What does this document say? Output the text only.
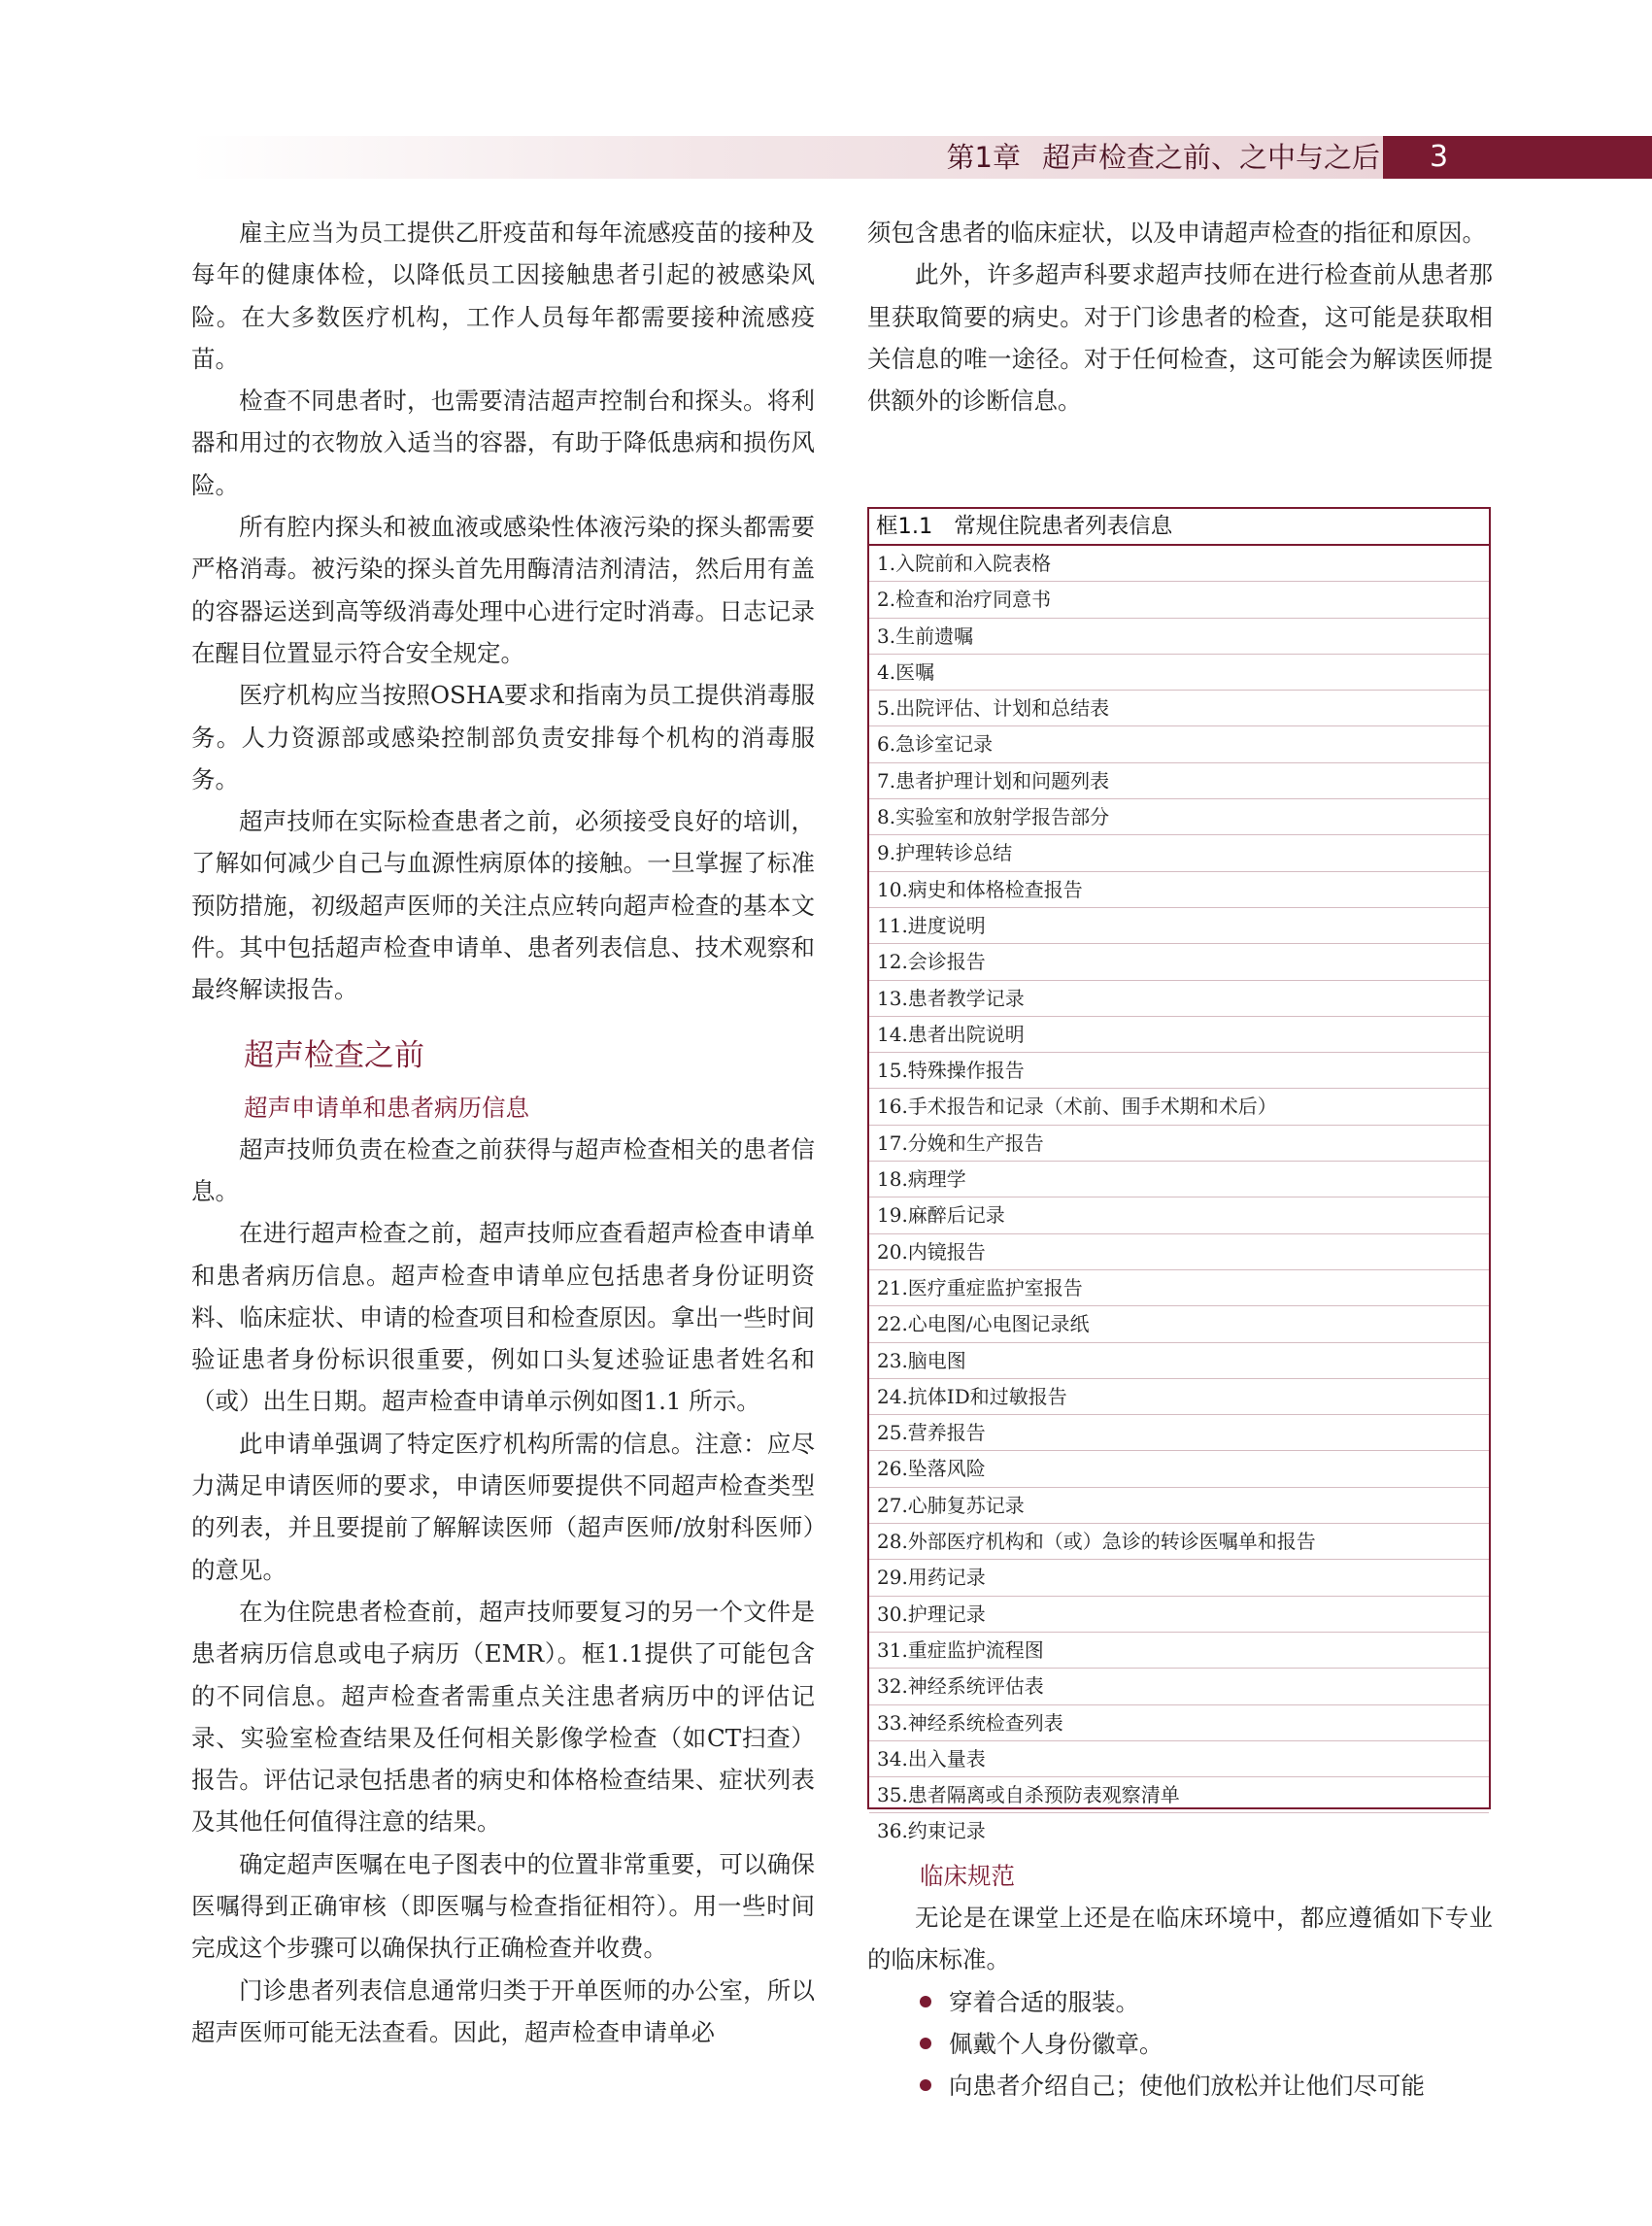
第1章 超声检查之前、之中与之后	3

雇主应当为员工提供乙肝疫苗和每年流感疫苗的接种及每年的健康体检，以降低员工因接触患者引起的被感染风险。在大多数医疗机构，工作人员每年都需要接种流感疫苗。

检查不同患者时，也需要清洁超声控制台和探头。将利器和用过的衣物放入适当的容器，有助于降低患病和损伤风险。

所有腔内探头和被血液或感染性体液污染的探头都需要严格消毒。被污染的探头首先用酶清洁剂清洁，然后用有盖的容器运送到高等级消毒处理中心进行定时消毒。日志记录在醒目位置显示符合安全规定。

医疗机构应当按照OSHA要求和指南为员工提供消毒服务。人力资源部或感染控制部负责安排每个机构的消毒服务。

超声技师在实际检查患者之前，必须接受良好的培训，了解如何减少自己与血源性病原体的接触。一旦掌握了标准预防措施，初级超声医师的关注点应转向超声检查的基本文件。其中包括超声检查申请单、患者列表信息、技术观察和最终解读报告。

超声检查之前
超声申请单和患者病历信息

超声技师负责在检查之前获得与超声检查相关的患者信息。

在进行超声检查之前，超声技师应查看超声检查申请单和患者病历信息。超声检查申请单应包括患者身份证明资料、临床症状、申请的检查项目和检查原因。拿出一些时间验证患者身份标识很重要，例如口头复述验证患者姓名和（或）出生日期。超声检查申请单示例如图1.1 所示。

此申请单强调了特定医疗机构所需的信息。注意：应尽力满足申请医师的要求，申请医师要提供不同超声检查类型的列表，并且要提前了解解读医师（超声医师/放射科医师）的意见。

在为住院患者检查前，超声技师要复习的另一个文件是患者病历信息或电子病历（EMR）。框1.1提供了可能包含的不同信息。超声检查者需重点关注患者病历中的评估记录、实验室检查结果及任何相关影像学检查（如CT扫查）报告。评估记录包括患者的病史和体格检查结果、症状列表及其他任何值得注意的结果。

确定超声医嘱在电子图表中的位置非常重要，可以确保医嘱得到正确审核（即医嘱与检查指征相符）。用一些时间完成这个步骤可以确保执行正确检查并收费。

门诊患者列表信息通常归类于开单医师的办公室，所以超声医师可能无法查看。因此，超声检查申请单必

须包含患者的临床症状，以及申请超声检查的指征和原因。

此外，许多超声科要求超声技师在进行检查前从患者那里获取简要的病史。对于门诊患者的检查，这可能是获取相关信息的唯一途径。对于任何检查，这可能会为解读医师提供额外的诊断信息。

框1.1 常规住院患者列表信息
1.入院前和入院表格
2.检查和治疗同意书
3.生前遗嘱
4.医嘱
5.出院评估、计划和总结表
6.急诊室记录
7.患者护理计划和问题列表
8.实验室和放射学报告部分
9.护理转诊总结
10.病史和体格检查报告
11.进度说明
12.会诊报告
13.患者教学记录
14.患者出院说明
15.特殊操作报告
16.手术报告和记录（术前、围手术期和术后）
17.分娩和生产报告
18.病理学
19.麻醉后记录
20.内镜报告
21.医疗重症监护室报告
22.心电图/心电图记录纸
23.脑电图
24.抗体ID和过敏报告
25.营养报告
26.坠落风险
27.心肺复苏记录
28.外部医疗机构和（或）急诊的转诊医嘱单和报告
29.用药记录
30.护理记录
31.重症监护流程图
32.神经系统评估表
33.神经系统检查列表
34.出入量表
35.患者隔离或自杀预防表观察清单
36.约束记录
临床规范

无论是在课堂上还是在临床环境中，都应遵循如下专业的临床标准。

穿着合适的服装。
佩戴个人身份徽章。
向患者介绍自己；使他们放松并让他们尽可能
